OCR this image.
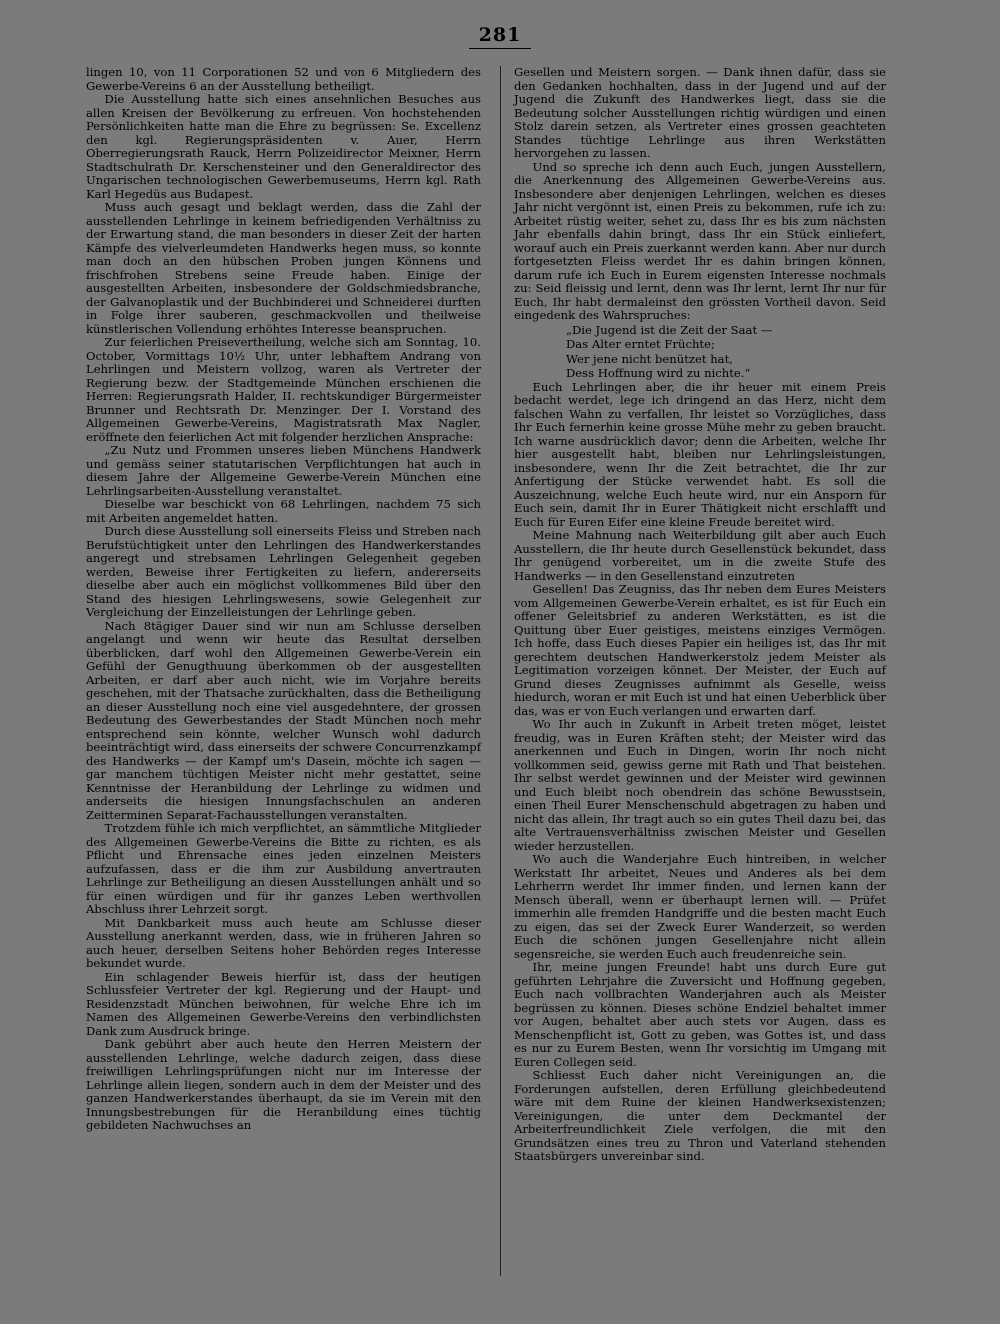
281

lingen 10, von 11 Corporationen 52 und von 6 Mitgliedern des Gewerbe-Vereins 6 an der Ausstellung betheiligt.

Die Ausstellung hatte sich eines ansehnlichen Besuches aus allen Kreisen der Bevölkerung zu erfreuen. Von hochstehenden Persönlichkeiten hatte man die Ehre zu begrüssen: Se. Excellenz den kgl. Regierungspräsidenten v. Auer, Herrn Oberregierungsrath Rauck, Herrn Polizeidirector Meixner, Herrn Stadtschulrath Dr. Kerschensteiner und den Generaldirector des Ungarischen technologischen Gewerbemuseums, Herrn kgl. Rath Karl Hegedüs aus Budapest.

Muss auch gesagt und beklagt werden, dass die Zahl der ausstellenden Lehrlinge in keinem befriedigenden Verhältniss zu der Erwartung stand, die man besonders in dieser Zeit der harten Kämpfe des vielverleumdeten Handwerks hegen muss, so konnte man doch an den hübschen Proben jungen Könnens und frischfrohen Strebens seine Freude haben. Einige der ausgestellten Arbeiten, insbesondere der Goldschmiedsbranche, der Galvanoplastik und der Buchbinderei und Schneiderei durften in Folge ihrer sauberen, geschmackvollen und theilweise künstlerischen Vollendung erhöhtes Interesse beanspruchen.

Zur feierlichen Preisevertheilung, welche sich am Sonntag, 10. October, Vormittags 10½ Uhr, unter lebhaftem Andrang von Lehrlingen und Meistern vollzog, waren als Vertreter der Regierung bezw. der Stadtgemeinde München erschienen die Herren: Regierungsrath Halder, II. rechtskundiger Bürgermeister Brunner und Rechtsrath Dr. Menzinger. Der I. Vorstand des Allgemeinen Gewerbe-Vereins, Magistratsrath Max Nagler, eröffnete den feierlichen Act mit folgender herzlichen Ansprache:

„Zu Nutz und Frommen unseres lieben Münchens Handwerk und gemäss seiner statutarischen Verpflichtungen hat auch in diesem Jahre der Allgemeine Gewerbe-Verein München eine Lehrlingsarbeiten-Ausstellung veranstaltet.

Dieselbe war beschickt von 68 Lehrlingen, nachdem 75 sich mit Arbeiten angemeldet hatten.

Durch diese Ausstellung soll einerseits Fleiss und Streben nach Berufstüchtigkeit unter den Lehrlingen des Handwerkerstandes angeregt und strebsamen Lehrlingen Gelegenheit gegeben werden, Beweise ihrer Fertigkeiten zu liefern, andererseits dieselbe aber auch ein möglichst vollkommenes Bild über den Stand des hiesigen Lehrlingswesens, sowie Gelegenheit zur Vergleichung der Einzelleistungen der Lehrlinge geben.

Nach 8tägiger Dauer sind wir nun am Schlusse derselben angelangt und wenn wir heute das Resultat derselben überblicken, darf wohl den Allgemeinen Gewerbe-Verein ein Gefühl der Genugthuung überkommen ob der ausgestellten Arbeiten, er darf aber auch nicht, wie im Vorjahre bereits geschehen, mit der Thatsache zurückhalten, dass die Betheiligung an dieser Ausstellung noch eine viel ausgedehntere, der grossen Bedeutung des Gewerbestandes der Stadt München noch mehr entsprechend sein könnte, welcher Wunsch wohl dadurch beeinträchtigt wird, dass einerseits der schwere Concurrenzkampf des Handwerks — der Kampf um's Dasein, möchte ich sagen — gar manchem tüchtigen Meister nicht mehr gestattet, seine Kenntnisse der Heranbildung der Lehrlinge zu widmen und anderseits die hiesigen Innungsfachschulen an anderen Zeitterminen Separat-Fachausstellungen veranstalten.

Trotzdem fühle ich mich verpflichtet, an sämmtliche Mitglieder des Allgemeinen Gewerbe-Vereins die Bitte zu richten, es als Pflicht und Ehrensache eines jeden einzelnen Meisters aufzufassen, dass er die ihm zur Ausbildung anvertrauten Lehrlinge zur Betheiligung an diesen Ausstellungen anhält und so für einen würdigen und für ihr ganzes Leben werthvollen Abschluss ihrer Lehrzeit sorgt.

Mit Dankbarkeit muss auch heute am Schlusse dieser Ausstellung anerkannt werden, dass, wie in früheren Jahren so auch heuer, derselben Seitens hoher Behörden reges Interesse bekundet wurde.

Ein schlagender Beweis hierfür ist, dass der heutigen Schlussfeier Vertreter der kgl. Regierung und der Haupt- und Residenzstadt München beiwohnen, für welche Ehre ich im Namen des Allgemeinen Gewerbe-Vereins den verbindlichsten Dank zum Ausdruck bringe.

Dank gebührt aber auch heute den Herren Meistern der ausstellenden Lehrlinge, welche dadurch zeigen, dass diese freiwilligen Lehrlingsprüfungen nicht nur im Interesse der Lehrlinge allein liegen, sondern auch in dem der Meister und des ganzen Handwerkerstandes überhaupt, da sie im Verein mit den Innungsbestrebungen für die Heranbildung eines tüchtig gebildeten Nachwuchses an

Gesellen und Meistern sorgen. — Dank ihnen dafür, dass sie den Gedanken hochhalten, dass in der Jugend und auf der Jugend die Zukunft des Handwerkes liegt, dass sie die Bedeutung solcher Ausstellungen richtig würdigen und einen Stolz darein setzen, als Vertreter eines grossen geachteten Standes tüchtige Lehrlinge aus ihren Werkstätten hervorgehen zu lassen.

Und so spreche ich denn auch Euch, jungen Ausstellern, die Anerkennung des Allgemeinen Gewerbe-Vereins aus. Insbesondere aber denjenigen Lehrlingen, welchen es dieses Jahr nicht vergönnt ist, einen Preis zu bekommen, rufe ich zu: Arbeitet rüstig weiter, sehet zu, dass Ihr es bis zum nächsten Jahr ebenfalls dahin bringt, dass Ihr ein Stück einliefert, worauf auch ein Preis zuerkannt werden kann. Aber nur durch fortgesetzten Fleiss werdet Ihr es dahin bringen können, darum rufe ich Euch in Eurem eigensten Interesse nochmals zu: Seid fleissig und lernt, denn was Ihr lernt, lernt Ihr nur für Euch, Ihr habt dermaleinst den grössten Vortheil davon. Seid eingedenk des Wahrspruches:

„Die Jugend ist die Zeit der Saat —
Das Alter erntet Früchte;
Wer jene nicht benützet hat,
Dess Hoffnung wird zu nichte.“

Euch Lehrlingen aber, die ihr heuer mit einem Preis bedacht werdet, lege ich dringend an das Herz, nicht dem falschen Wahn zu verfallen, Ihr leistet so Vorzügliches, dass Ihr Euch fernerhin keine grosse Mühe mehr zu geben braucht. Ich warne ausdrücklich davor; denn die Arbeiten, welche Ihr hier ausgestellt habt, bleiben nur Lehrlingsleistungen, insbesondere, wenn Ihr die Zeit betrachtet, die Ihr zur Anfertigung der Stücke verwendet habt. Es soll die Auszeichnung, welche Euch heute wird, nur ein Ansporn für Euch sein, damit Ihr in Eurer Thätigkeit nicht erschlafft und Euch für Euren Eifer eine kleine Freude bereitet wird.

Meine Mahnung nach Weiterbildung gilt aber auch Euch Ausstellern, die Ihr heute durch Gesellenstück bekundet, dass Ihr genügend vorbereitet, um in die zweite Stufe des Handwerks — in den Gesellenstand einzutreten

Gesellen! Das Zeugniss, das Ihr neben dem Eures Meisters vom Allgemeinen Gewerbe-Verein erhaltet, es ist für Euch ein offener Geleitsbrief zu anderen Werkstätten, es ist die Quittung über Euer geistiges, meistens einziges Vermögen. Ich hoffe, dass Euch dieses Papier ein heiliges ist, das Ihr mit gerechtem deutschen Handwerkerstolz jedem Meister als Legitimation vorzeigen könnet. Der Meister, der Euch auf Grund dieses Zeugnisses aufnimmt als Geselle, weiss hiedurch, woran er mit Euch ist und hat einen Ueberblick über das, was er von Euch verlangen und erwarten darf.

Wo Ihr auch in Zukunft in Arbeit treten möget, leistet freudig, was in Euren Kräften steht; der Meister wird das anerkennen und Euch in Dingen, worin Ihr noch nicht vollkommen seid, gewiss gerne mit Rath und That beistehen. Ihr selbst werdet gewinnen und der Meister wird gewinnen und Euch bleibt noch obendrein das schöne Bewusstsein, einen Theil Eurer Menschenschuld abgetragen zu haben und nicht das allein, Ihr tragt auch so ein gutes Theil dazu bei, das alte Vertrauensverhältniss zwischen Meister und Gesellen wieder herzustellen.

Wo auch die Wanderjahre Euch hintreiben, in welcher Werkstatt Ihr arbeitet, Neues und Anderes als bei dem Lehrherrn werdet Ihr immer finden, und lernen kann der Mensch überall, wenn er überhaupt lernen will. — Prüfet immerhin alle fremden Handgriffe und die besten macht Euch zu eigen, das sei der Zweck Eurer Wanderzeit, so werden Euch die schönen jungen Gesellenjahre nicht allein segensreiche, sie werden Euch auch freudenreiche sein.

Ihr, meine jungen Freunde! habt uns durch Eure gut geführten Lehrjahre die Zuversicht und Hoffnung gegeben, Euch nach vollbrachten Wanderjahren auch als Meister begrüssen zu können. Dieses schöne Endziel behaltet immer vor Augen, behaltet aber auch stets vor Augen, dass es Menschenpflicht ist, Gott zu geben, was Gottes ist, und dass es nur zu Eurem Besten, wenn Ihr vorsichtig im Umgang mit Euren Collegen seid.

Schliesst Euch daher nicht Vereinigungen an, die Forderungen aufstellen, deren Erfüllung gleichbedeutend wäre mit dem Ruine der kleinen Handwerksexistenzen; Vereinigungen, die unter dem Deckmantel der Arbeiterfreundlichkeit Ziele verfolgen, die mit den Grundsätzen eines treu zu Thron und Vaterland stehenden Staatsbürgers unvereinbar sind.
